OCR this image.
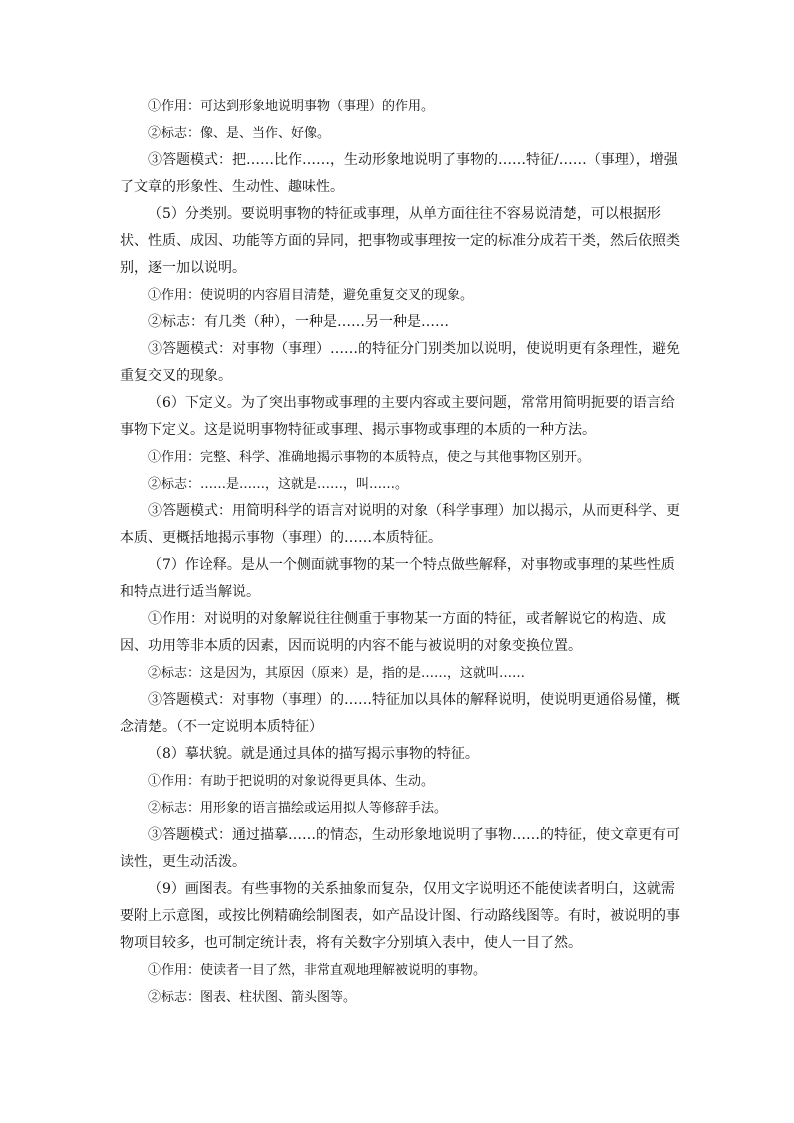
①作用：可达到形象地说明事物（事理）的作用。

②标志：像、是、当作、好像。

③答题模式：把……比作……，生动形象地说明了事物的……特征/……（事理），增强了文章的形象性、生动性、趣味性。

（5）分类别。要说明事物的特征或事理，从单方面往往不容易说清楚，可以根据形状、性质、成因、功能等方面的异同，把事物或事理按一定的标准分成若干类，然后依照类别，逐一加以说明。

①作用：使说明的内容眉目清楚，避免重复交叉的现象。

②标志：有几类（种），一种是……另一种是……

③答题模式：对事物（事理）……的特征分门别类加以说明，使说明更有条理性，避免重复交叉的现象。

（6）下定义。为了突出事物或事理的主要内容或主要问题，常常用简明扼要的语言给事物下定义。这是说明事物特征或事理、揭示事物或事理的本质的一种方法。

①作用：完整、科学、准确地揭示事物的本质特点，使之与其他事物区别开。

②标志：……是……，这就是……，叫……。

③答题模式：用简明科学的语言对说明的对象（科学事理）加以揭示，从而更科学、更本质、更概括地揭示事物（事理）的……本质特征。

（7）作诠释。是从一个侧面就事物的某一个特点做些解释，对事物或事理的某些性质和特点进行适当解说。

①作用：对说明的对象解说往往侧重于事物某一方面的特征，或者解说它的构造、成因、功用等非本质的因素，因而说明的内容不能与被说明的对象变换位置。

②标志：这是因为，其原因（原来）是，指的是……，这就叫……

③答题模式：对事物（事理）的……特征加以具体的解释说明，使说明更通俗易懂，概念清楚。（不一定说明本质特征）

（8）摹状貌。就是通过具体的描写揭示事物的特征。

①作用：有助于把说明的对象说得更具体、生动。

②标志：用形象的语言描绘或运用拟人等修辞手法。

③答题模式：通过描摹……的情态，生动形象地说明了事物……的特征，使文章更有可读性，更生动活泼。

（9）画图表。有些事物的关系抽象而复杂，仅用文字说明还不能使读者明白，这就需要附上示意图，或按比例精确绘制图表，如产品设计图、行动路线图等。有时，被说明的事物项目较多，也可制定统计表，将有关数字分别填入表中，使人一目了然。

①作用：使读者一目了然，非常直观地理解被说明的事物。

②标志：图表、柱状图、箭头图等。
